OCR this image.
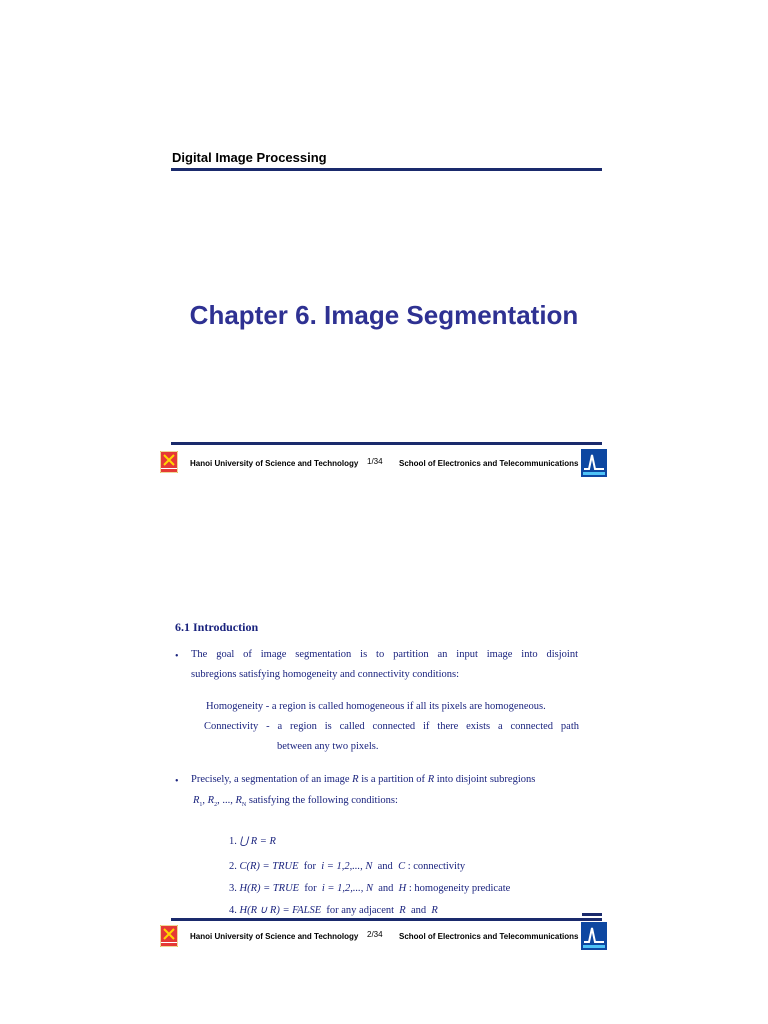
Digital Image Processing
Chapter 6. Image Segmentation
Hanoi University of Science and Technology 1/34 School of Electronics and Telecommunications
6.1 Introduction
• The goal of image segmentation is to partition an input image into disjoint
subregions satisfying homogeneity and connectivity conditions:
Homogeneity - a region is called homogeneous if all its pixels are homogeneous.
Connectivity - a region is called connected if there exists a connected path
between any two pixels.
• Precisely, a segmentation of an image R is a partition of R into disjoint subregions
$R_1$, $R_2$, ..., $R_N$ satisfying the following conditions:
1. ⋃ R = R
2. C(R) = TRUE for i = 1,2,..., N and C : connectivity
3. H(R) = TRUE for i = 1,2,..., N and H : homogeneity predicate
4. H(R ∪ R) = FALSE for any adjacent R and R
Hanoi University of Science and Technology 2/34 School of Electronics and Telecommunications
